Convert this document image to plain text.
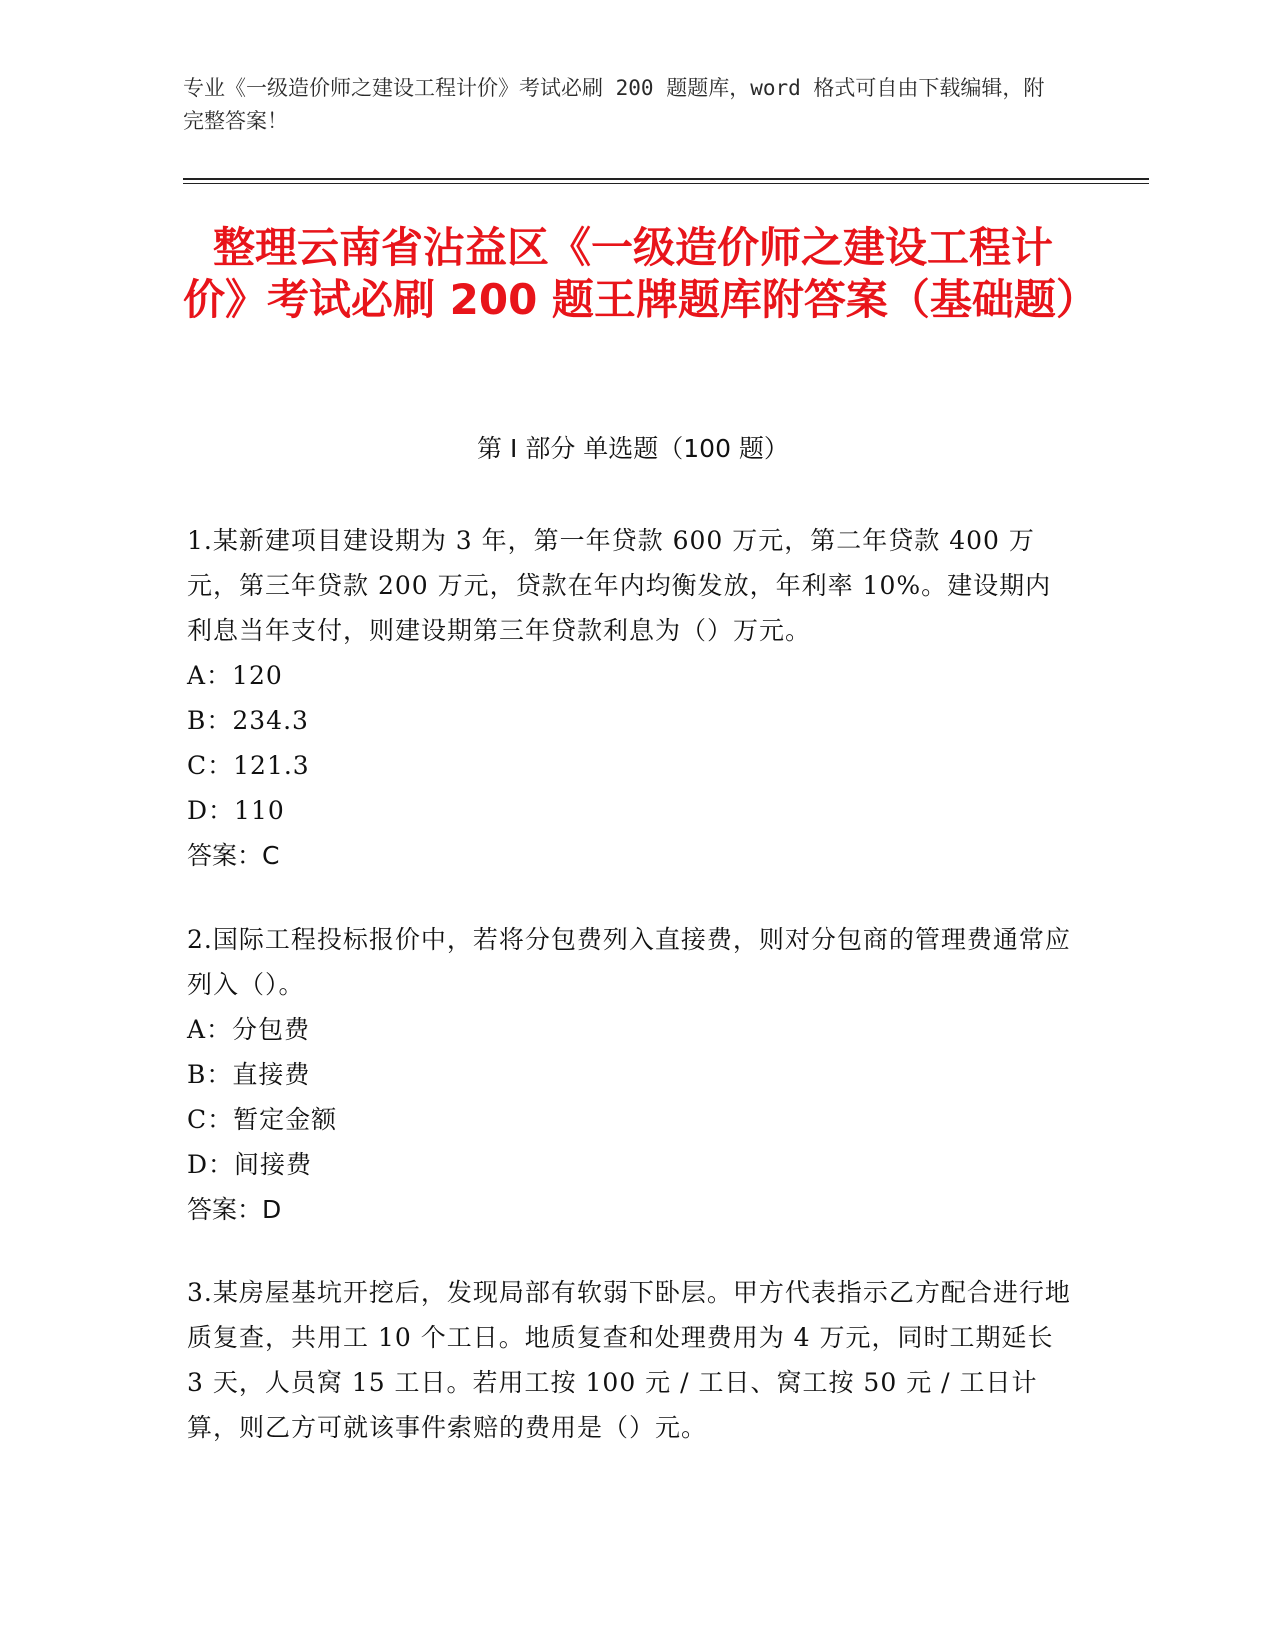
专业《一级造价师之建设工程计价》考试必刷 200 题题库，word 格式可自由下载编辑，附完整答案！
整理云南省沾益区《一级造价师之建设工程计价》考试必刷 200 题王牌题库附答案（基础题）
第 I 部分 单选题（100 题）
1.某新建项目建设期为 3 年，第一年贷款 600 万元，第二年贷款 400 万元，第三年贷款 200 万元，贷款在年内均衡发放，年利率 10%。建设期内利息当年支付，则建设期第三年贷款利息为（）万元。
A：120
B：234.3
C：121.3
D：110
答案：C
2.国际工程投标报价中，若将分包费列入直接费，则对分包商的管理费通常应列入（）。
A：分包费
B：直接费
C：暂定金额
D：间接费
答案：D
3.某房屋基坑开挖后，发现局部有软弱下卧层。甲方代表指示乙方配合进行地质复查，共用工 10 个工日。地质复查和处理费用为 4 万元，同时工期延长 3 天，人员窝 15 工日。若用工按 100 元 / 工日、窝工按 50 元 / 工日计算，则乙方可就该事件索赔的费用是（）元。
